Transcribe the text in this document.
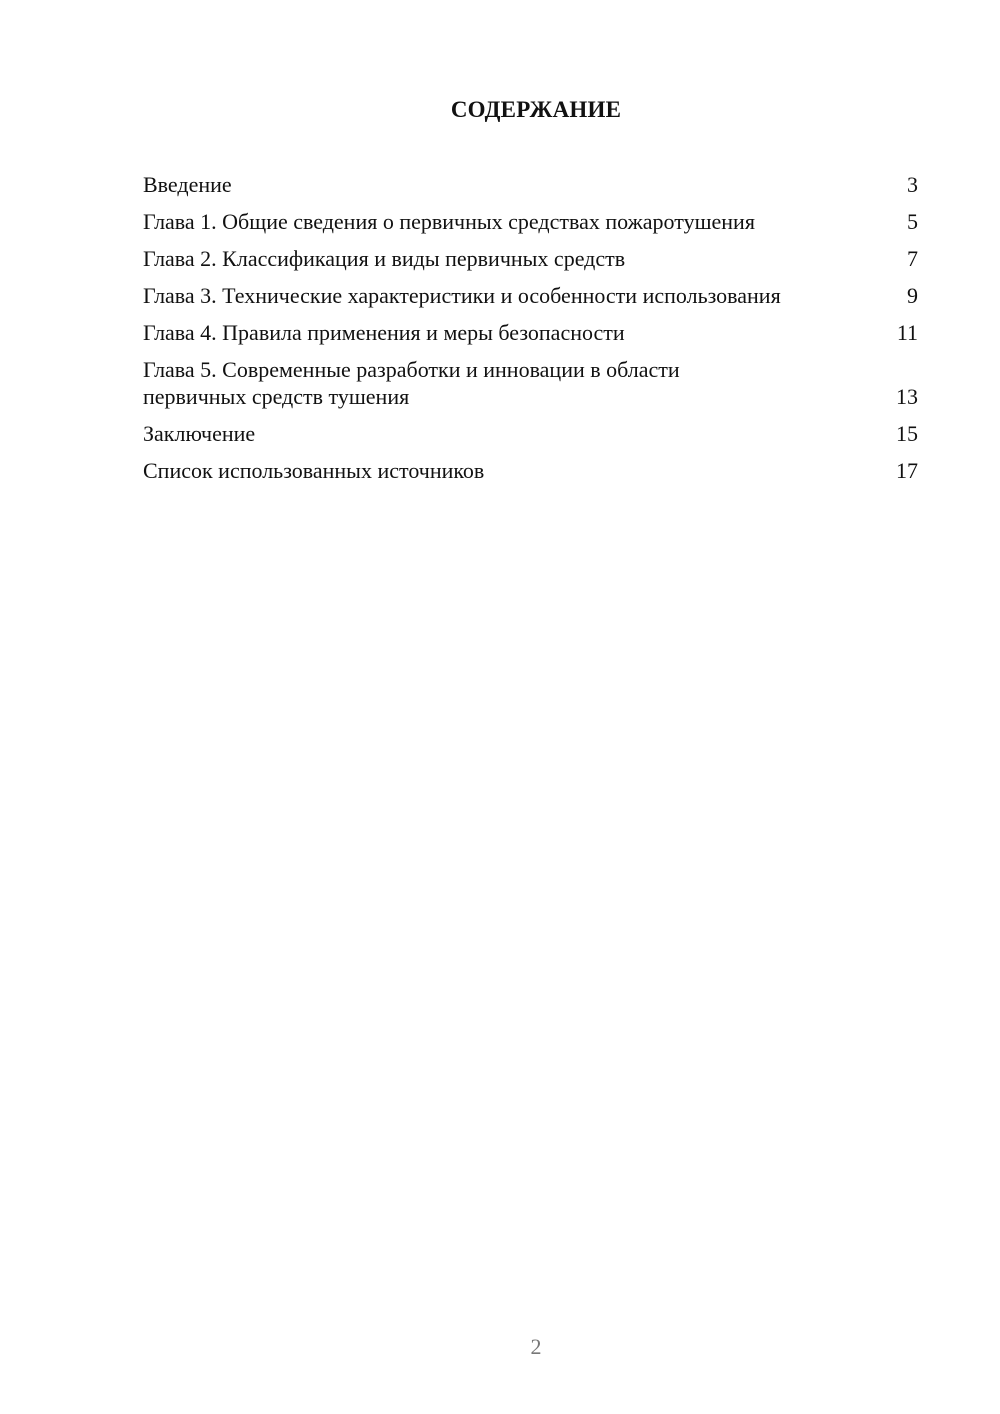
СОДЕРЖАНИЕ
Введение	3
Глава 1. Общие сведения о первичных средствах пожаротушения	5
Глава 2. Классификация и виды первичных средств	7
Глава 3. Технические характеристики и особенности использования	9
Глава 4. Правила применения и меры безопасности	11
Глава 5. Современные разработки и инновации в области первичных средств тушения	13
Заключение	15
Список использованных источников	17
2
